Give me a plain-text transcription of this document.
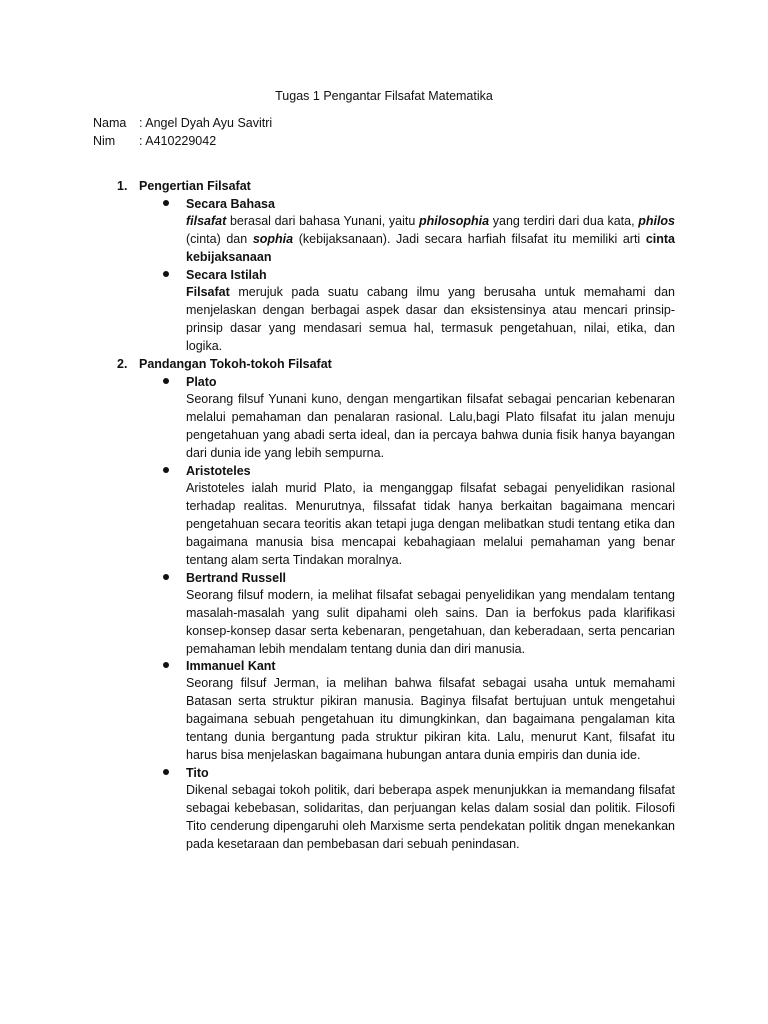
Tugas 1 Pengantar Filsafat Matematika
Nama : Angel Dyah Ayu Savitri
Nim : A410229042
1. Pengertian Filsafat
Secara Bahasa
filsafat berasal dari bahasa Yunani, yaitu philosophia yang terdiri dari dua kata, philos (cinta) dan sophia (kebijaksanaan). Jadi secara harfiah filsafat itu memiliki arti cinta kebijaksanaan
Secara Istilah
Filsafat merujuk pada suatu cabang ilmu yang berusaha untuk memahami dan menjelaskan dengan berbagai aspek dasar dan eksistensinya atau mencari prinsip-prinsip dasar yang mendasari semua hal, termasuk pengetahuan, nilai, etika, dan logika.
2. Pandangan Tokoh-tokoh Filsafat
Plato
Seorang filsuf Yunani kuno, dengan mengartikan filsafat sebagai pencarian kebenaran melalui pemahaman dan penalaran rasional. Lalu,bagi Plato filsafat itu jalan menuju pengetahuan yang abadi serta ideal, dan ia percaya bahwa dunia fisik hanya bayangan dari dunia ide yang lebih sempurna.
Aristoteles
Aristoteles ialah murid Plato, ia menganggap filsafat sebagai penyelidikan rasional terhadap realitas. Menurutnya, filssafat tidak hanya berkaitan bagaimana mencari pengetahuan secara teoritis akan tetapi juga dengan melibatkan studi tentang etika dan bagaimana manusia bisa mencapai kebahagiaan melalui pemahaman yang benar tentang alam serta Tindakan moralnya.
Bertrand Russell
Seorang filsuf modern, ia melihat filsafat sebagai penyelidikan yang mendalam tentang masalah-masalah yang sulit dipahami oleh sains. Dan ia berfokus pada klarifikasi konsep-konsep dasar serta kebenaran, pengetahuan, dan keberadaan, serta pencarian pemahaman lebih mendalam tentang dunia dan diri manusia.
Immanuel Kant
Seorang filsuf Jerman, ia melihan bahwa filsafat sebagai usaha untuk memahami Batasan serta struktur pikiran manusia. Baginya filsafat bertujuan untuk mengetahui bagaimana sebuah pengetahuan itu dimungkinkan, dan bagaimana pengalaman kita tentang dunia bergantung pada struktur pikiran kita. Lalu, menurut Kant, filsafat itu harus bisa menjelaskan bagaimana hubungan antara dunia empiris dan dunia ide.
Tito
Dikenal sebagai tokoh politik, dari beberapa aspek menunjukkan ia memandang filsafat sebagai kebebasan, solidaritas, dan perjuangan kelas dalam sosial dan politik. Filosofi Tito cenderung dipengaruhi oleh Marxisme serta pendekatan politik dngan menekankan pada kesetaraan dan pembebasan dari sebuah penindasan.
